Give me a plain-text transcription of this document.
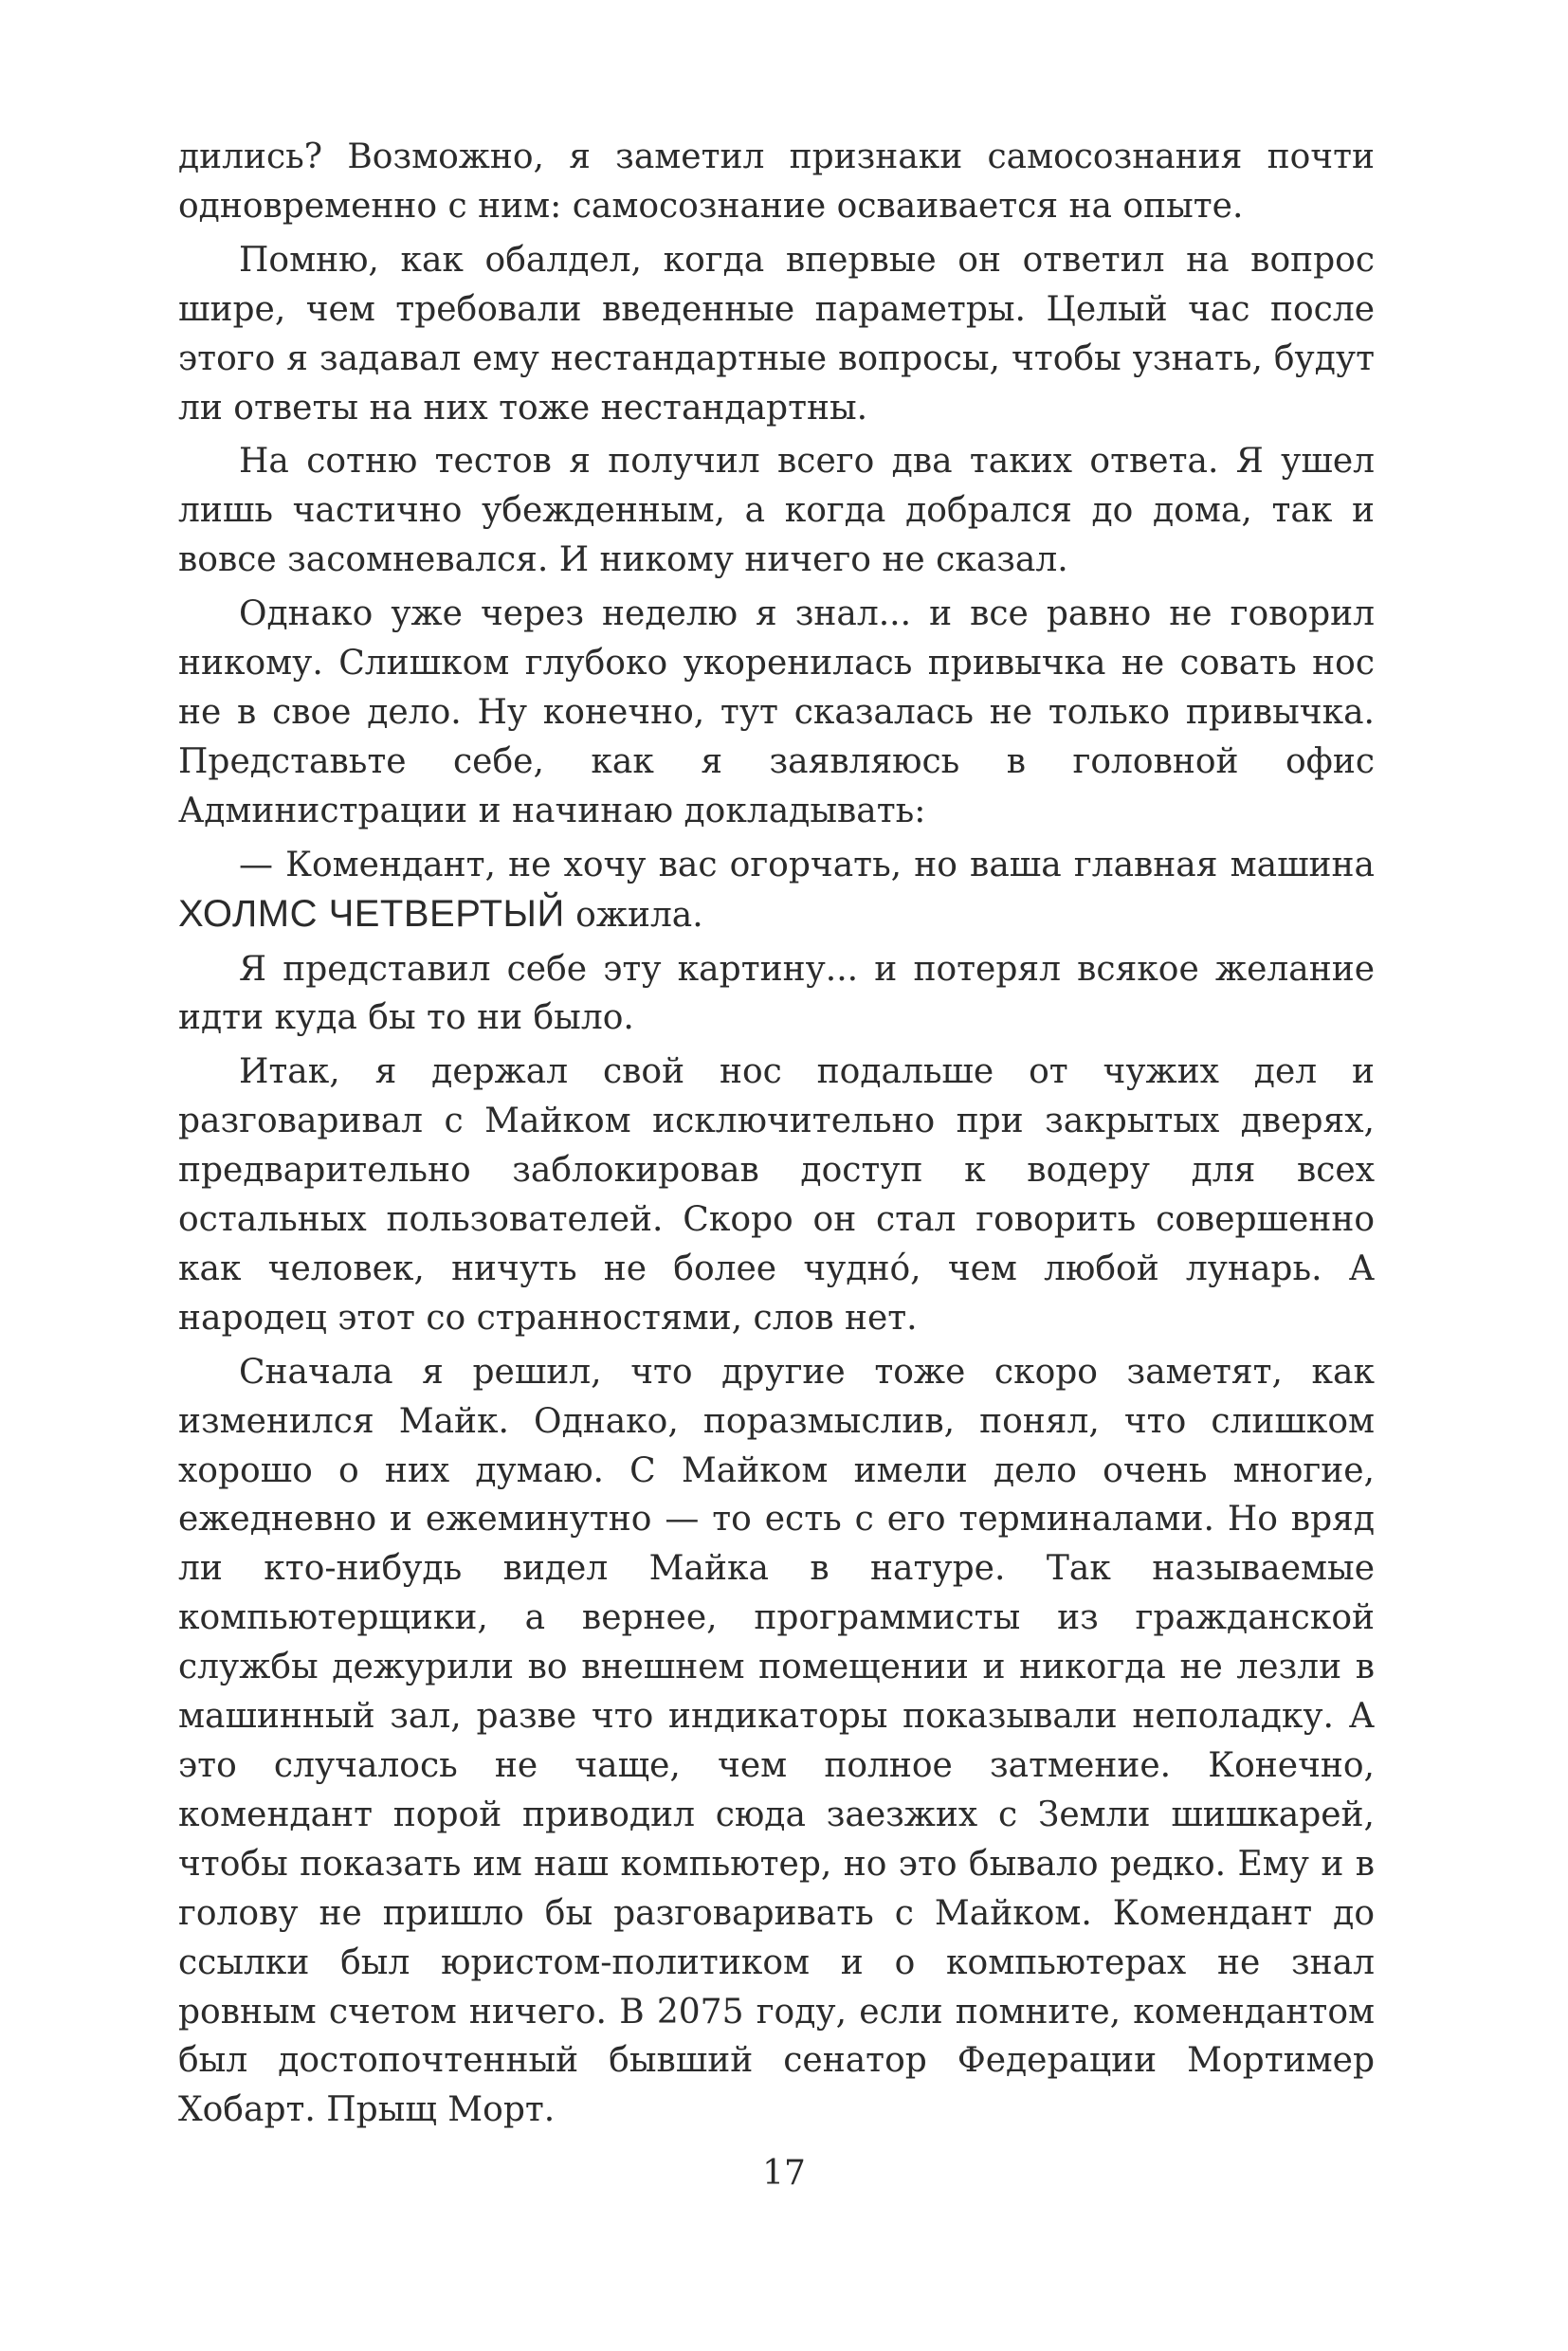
дились? Возможно, я заметил признаки самосознания почти одновременно с ним: самосознание осваивается на опыте.

Помню, как обалдел, когда впервые он ответил на вопрос шире, чем требовали введенные параметры. Целый час после этого я задавал ему нестандартные вопросы, чтобы узнать, будут ли ответы на них тоже нестандартны.

На сотню тестов я получил всего два таких ответа. Я ушел лишь частично убежденным, а когда добрался до дома, так и вовсе засомневался. И никому ничего не сказал.

Однако уже через неделю я знал... и все равно не говорил никому. Слишком глубоко укоренилась привычка не совать нос не в свое дело. Ну конечно, тут сказалась не только привычка. Представьте себе, как я заявляюсь в головной офис Администрации и начинаю докладывать:

— Комендант, не хочу вас огорчать, но ваша главная машина ХОЛМС ЧЕТВЕРТЫЙ ожила.

Я представил себе эту картину... и потерял всякое желание идти куда бы то ни было.

Итак, я держал свой нос подальше от чужих дел и разговаривал с Майком исключительно при закрытых дверях, предварительно заблокировав доступ к водеру для всех остальных пользователей. Скоро он стал говорить совершенно как человек, ничуть не более чудно́, чем любой лунарь. А народец этот со странностями, слов нет.

Сначала я решил, что другие тоже скоро заметят, как изменился Майк. Однако, поразмыслив, понял, что слишком хорошо о них думаю. С Майком имели дело очень многие, ежедневно и ежеминутно — то есть с его терминалами. Но вряд ли кто-нибудь видел Майка в натуре. Так называемые компьютерщики, а вернее, программисты из гражданской службы дежурили во внешнем помещении и никогда не лезли в машинный зал, разве что индикаторы показывали неполадку. А это случалось не чаще, чем полное затмение. Конечно, комендант порой приводил сюда заезжих с Земли шишкарей, чтобы показать им наш компьютер, но это бывало редко. Ему и в голову не пришло бы разговаривать с Майком. Комендант до ссылки был юристом-политиком и о компьютерах не знал ровным счетом ничего. В 2075 году, если помните, комендантом был достопочтенный бывший сенатор Федерации Мортимер Хобарт. Прыщ Морт.

17
